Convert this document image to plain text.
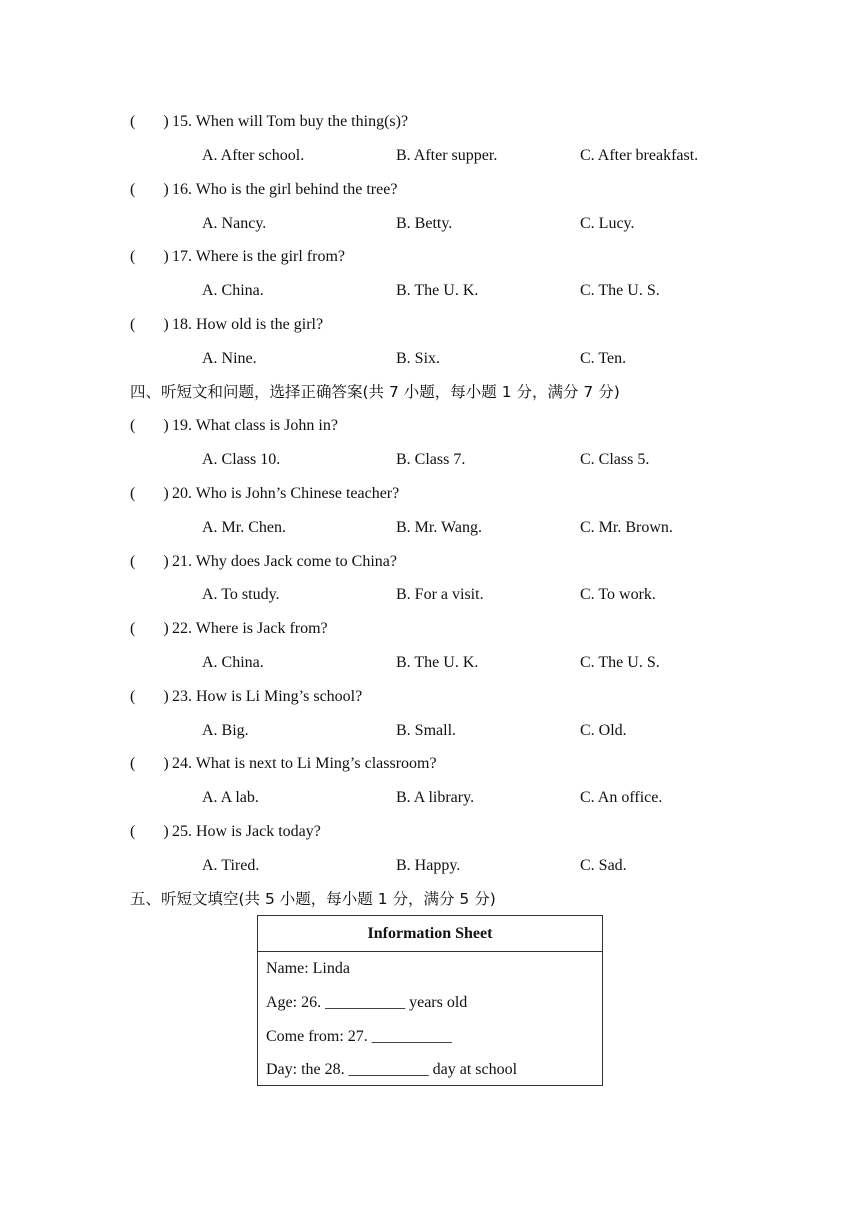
(       ) 15. When will Tom buy the thing(s)?
A. After school.	B. After supper.	C. After breakfast.
(       ) 16. Who is the girl behind the tree?
A. Nancy.	B. Betty.	C. Lucy.
(       ) 17. Where is the girl from?
A. China.	B. The U. K.	C. The U. S.
(       ) 18. How old is the girl?
A. Nine.	B. Six.	C. Ten.
四、听短文和问题，选择正确答案(共 7 小题，每小题 1 分，满分 7 分)
(       ) 19. What class is John in?
A. Class 10.	B. Class 7.	C. Class 5.
(       ) 20. Who is John’s Chinese teacher?
A. Mr. Chen.	B. Mr. Wang.	C. Mr. Brown.
(       ) 21. Why does Jack come to China?
A. To study.	B. For a visit.	C. To work.
(       ) 22. Where is Jack from?
A. China.	B. The U. K.	C. The U. S.
(       ) 23. How is Li Ming’s school?
A. Big.	B. Small.	C. Old.
(       ) 24. What is next to Li Ming’s classroom?
A. A lab.	B. A library.	C. An office.
(       ) 25. How is Jack today?
A. Tired.	B. Happy.	C. Sad.
五、听短文填空(共 5 小题，每小题 1 分，满分 5 分)
Information Sheet
Name: Linda
Age: 26. __________ years old
Come from: 27. __________
Day: the 28. __________ day at school
